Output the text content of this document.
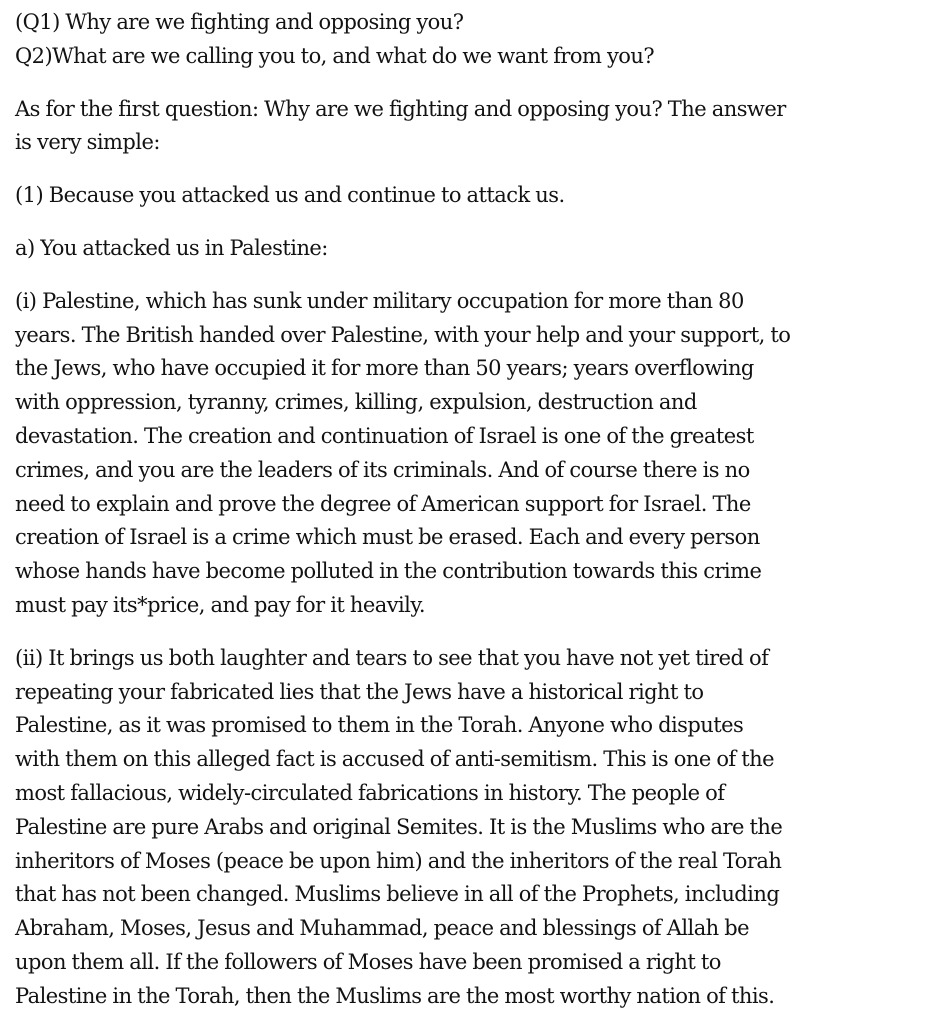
(Q1) Why are we fighting and opposing you?
Q2)What are we calling you to, and what do we want from you?

As for the first question: Why are we fighting and opposing you? The answer
is very simple:

(1) Because you attacked us and continue to attack us.

a) You attacked us in Palestine:

(i) Palestine, which has sunk under military occupation for more than 80
years. The British handed over Palestine, with your help and your support, to
the Jews, who have occupied it for more than 50 years; years overflowing
with oppression, tyranny, crimes, killing, expulsion, destruction and
devastation. The creation and continuation of Israel is one of the greatest
crimes, and you are the leaders of its criminals. And of course there is no
need to explain and prove the degree of American support for Israel. The
creation of Israel is a crime which must be erased. Each and every person
whose hands have become polluted in the contribution towards this crime
must pay its*price, and pay for it heavily.

(ii) It brings us both laughter and tears to see that you have not yet tired of
repeating your fabricated lies that the Jews have a historical right to
Palestine, as it was promised to them in the Torah. Anyone who disputes
with them on this alleged fact is accused of anti-semitism. This is one of the
most fallacious, widely-circulated fabrications in history. The people of
Palestine are pure Arabs and original Semites. It is the Muslims who are the
inheritors of Moses (peace be upon him) and the inheritors of the real Torah
that has not been changed. Muslims believe in all of the Prophets, including
Abraham, Moses, Jesus and Muhammad, peace and blessings of Allah be
upon them all. If the followers of Moses have been promised a right to
Palestine in the Torah, then the Muslims are the most worthy nation of this.
